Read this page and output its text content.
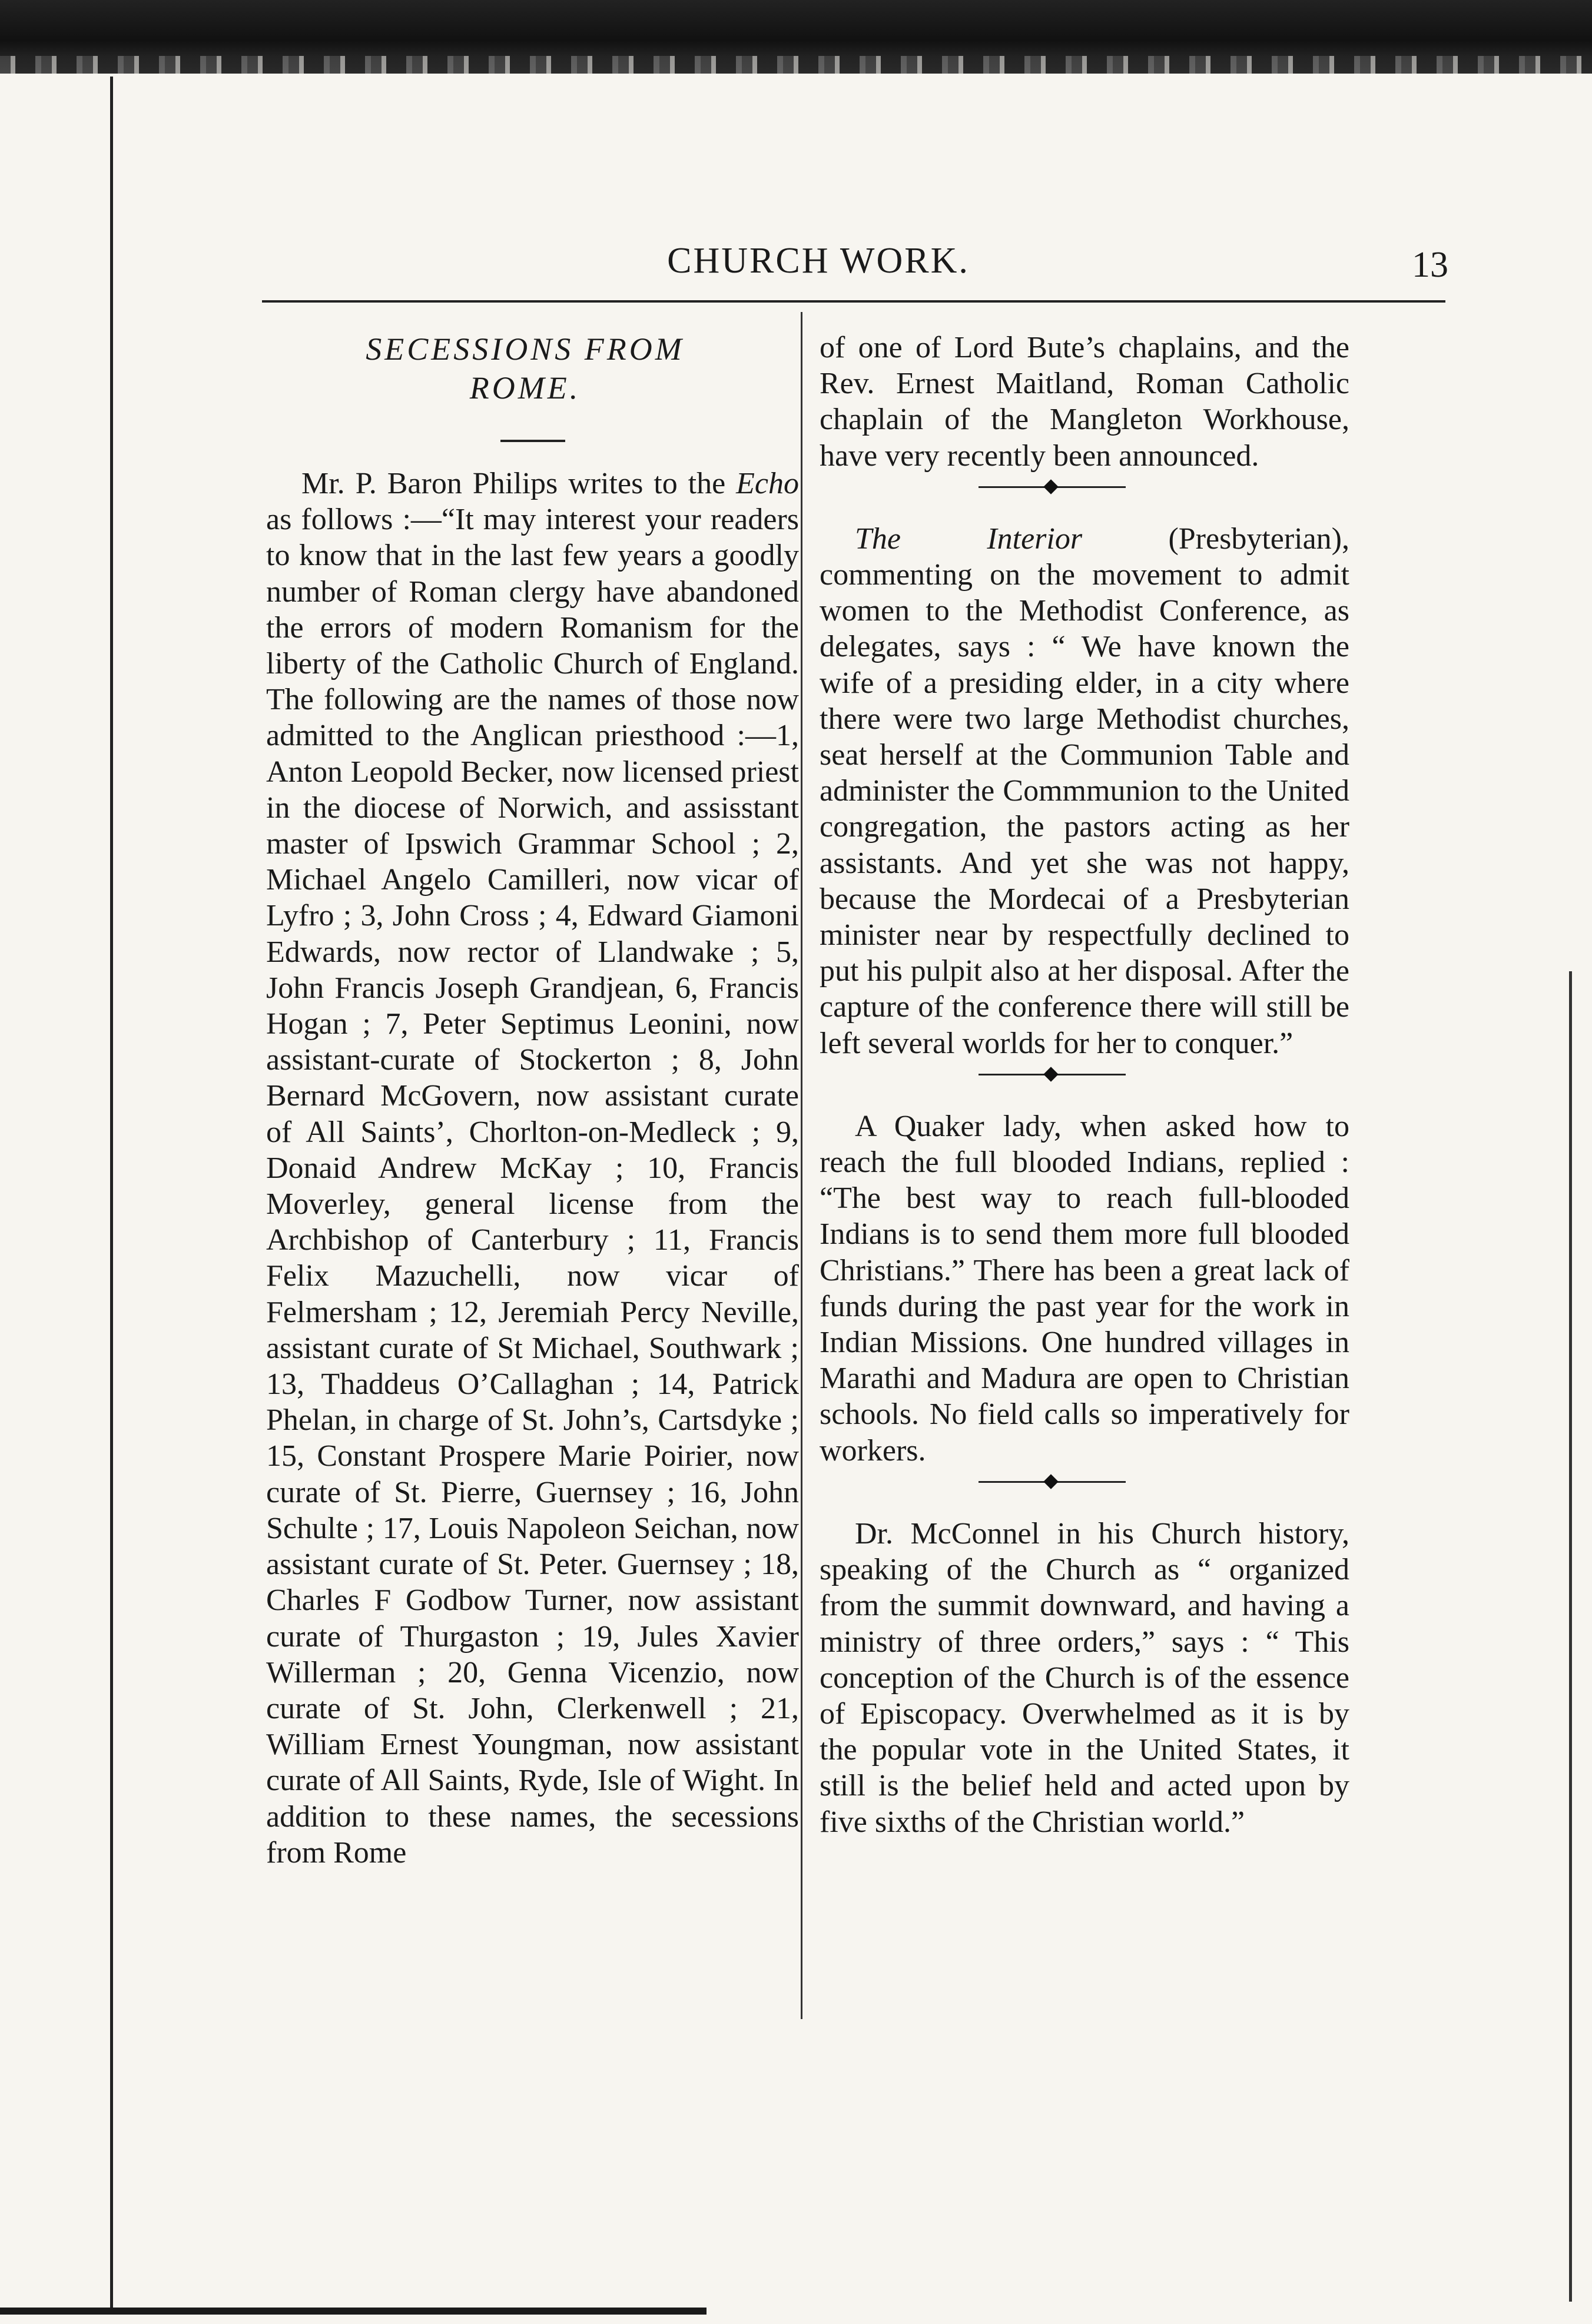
CHURCH WORK.	13
SECESSIONS FROM
ROME.

Mr. P. Baron Philips writes to the Echo as follows :—“It may interest your readers to know that in the last few years a goodly number of Roman clergy have abandoned the errors of modern Romanism for the liberty of the Catholic Church of England. The following are the names of those now admitted to the Anglican priesthood :—1, Anton Leopold Becker, now licensed priest in the diocese of Norwich, and assisstant master of Ipswich Grammar School ; 2, Michael Angelo Camilleri, now vicar of Lyfro ; 3, John Cross ; 4, Edward Giamoni Edwards, now rector of Llandwake ; 5, John Francis Joseph Grandjean, 6, Francis Hogan ; 7, Peter Septimus Leonini, now assistant-curate of Stockerton ; 8, John Bernard McGovern, now assistant curate of All Saints’, Chorlton-on-Medleck ; 9, Donaid Andrew McKay ; 10, Francis Moverley, general license from the Archbishop of Canterbury ; 11, Francis Felix Mazuchelli, now vicar of Felmersham ; 12, Jeremiah Percy Neville, assistant curate of St Michael, Southwark ; 13, Thaddeus O’Callaghan ; 14, Patrick Phelan, in charge of St. John’s, Cartsdyke ; 15, Constant Prospere Marie Poirier, now curate of St. Pierre, Guernsey ; 16, John Schulte ; 17, Louis Napoleon Seichan, now assistant curate of St. Peter. Guernsey ; 18, Charles F Godbow Turner, now assistant curate of Thurgaston ; 19, Jules Xavier Willerman ; 20, Genna Vicenzio, now curate of St. John, Clerkenwell ; 21, William Ernest Youngman, now assistant curate of All Saints, Ryde, Isle of Wight. In addition to these names, the secessions from Rome

of one of Lord Bute’s chaplains, and the Rev. Ernest Maitland, Roman Catholic chaplain of the Mangleton Workhouse, have very recently been announced.

The Interior (Presbyterian), commenting on the movement to admit women to the Methodist Conference, as delegates, says : “ We have known the wife of a presiding elder, in a city where there were two large Methodist churches, seat herself at the Communion Table and administer the Commmunion to the United congregation, the pastors acting as her assistants. And yet she was not happy, because the Mordecai of a Presbyterian minister near by respectfully declined to put his pulpit also at her disposal. After the capture of the conference there will still be left several worlds for her to conquer.”

A Quaker lady, when asked how to reach the full blooded Indians, replied : “The best way to reach full-blooded Indians is to send them more full blooded Christians.” There has been a great lack of funds during the past year for the work in Indian Missions. One hundred villages in Marathi and Madura are open to Christian schools. No field calls so imperatively for workers.

Dr. McConnel in his Church history, speaking of the Church as “ organized from the summit downward, and having a ministry of three orders,” says : “ This conception of the Church is of the essence of Episcopacy. Overwhelmed as it is by the popular vote in the United States, it still is the belief held and acted upon by five sixths of the Christian world.”
